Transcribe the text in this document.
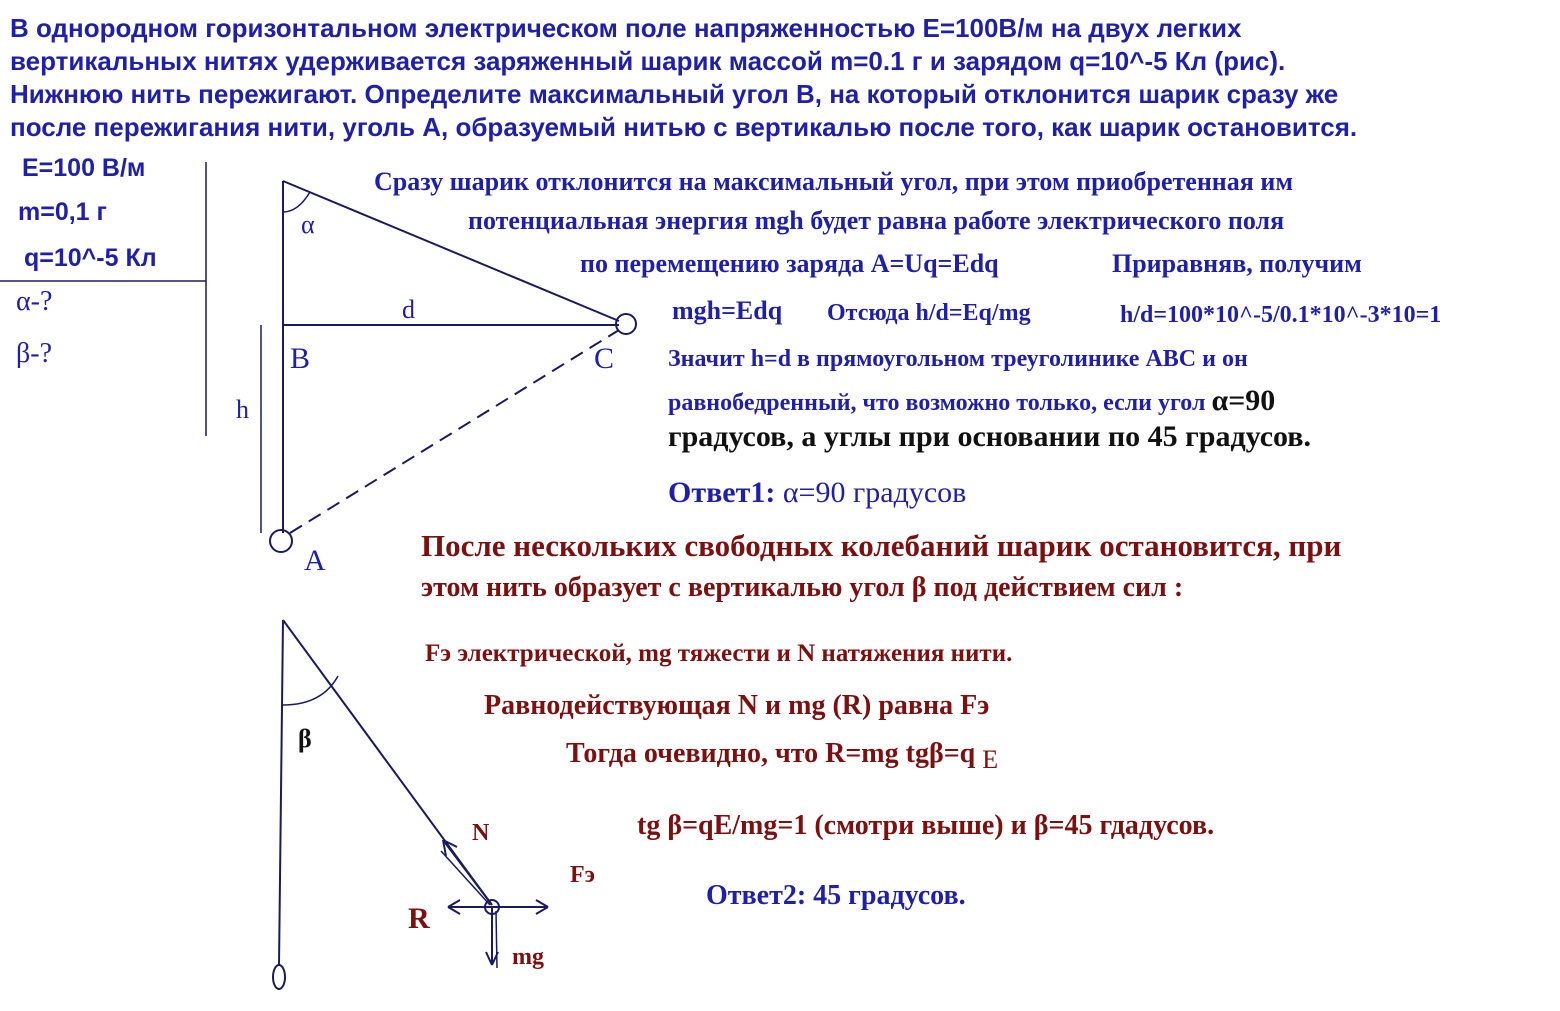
В однородном горизонтальном электрическом поле напряженностью Е=100В/м на двух легких
вертикальных нитях удерживается заряженный шарик массой m=0.1 г и зарядом q=10^-5 Кл (рис).
Нижнюю нить пережигают. Определите максимальный угол В, на который отклонится шарик сразу же
после пережигания нити, уголь А, образуемый нитью с вертикалью после того, как шарик остановится.
E=100 В/м
m=0,1 г
q=10^-5 Кл
α-?
β-?
α
d
B	C
h
A
Сразу шарик отклонится на максимальный угол, при этом приобретенная им
потенциальная энергия mgh будет равна работе электрического поля
по перемещению заряда A=Uq=Edq	Приравняв, получим
mgh=Edq Отсюда h/d=Eq/mg	h/d=100*10^-5/0.1*10^-3*10=1
Значит h=d в прямоугольном треуголинике ABC и он
равнобедренный, что возможно только, если угол α=90
градусов, а углы при основании по 45 градусов.
Ответ1: α=90 градусов
После нескольких свободных колебаний шарик остановится, при
этом нить образует с вертикалью угол β под действием сил :
Fэ электрической, mg тяжести и N натяжения нити.
Равнодействующая N и mg (R) равна Fэ
Тогда очевидно, что R=mg tgβ=q E
tg β=qE/mg=1 (смотри выше) и β=45 гдадусов.
Ответ2: 45 градусов.
β
N
Fэ
R
mg
